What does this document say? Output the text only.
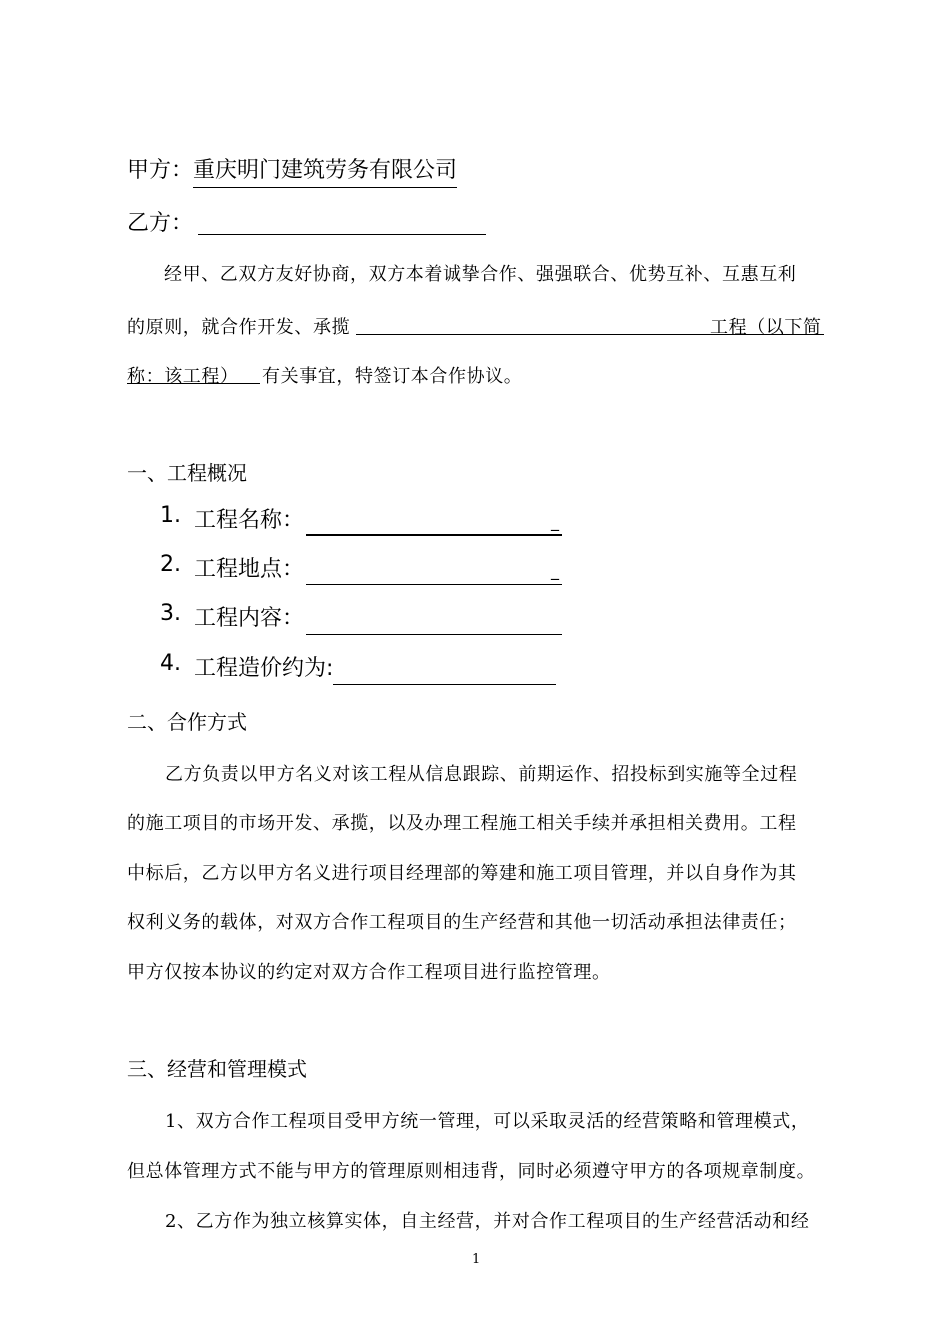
甲方：重庆明门建筑劳务有限公司
乙方：
经甲、乙双方友好协商，双方本着诚挚合作、强强联合、优势互补、互惠互利
的原则，就合作开发、承揽	工程（以下简
称：该工程） 有关事宜，特签订本合作协议。
一、工程概况
1. 工程名称：	_
2. 工程地点：	_
3. 工程内容：
4. 工程造价约为:
二、合作方式
乙方负责以甲方名义对该工程从信息跟踪、前期运作、招投标到实施等全过程
的施工项目的市场开发、承揽，以及办理工程施工相关手续并承担相关费用。工程
中标后，乙方以甲方名义进行项目经理部的筹建和施工项目管理，并以自身作为其
权利义务的载体，对双方合作工程项目的生产经营和其他一切活动承担法律责任；
甲方仅按本协议的约定对双方合作工程项目进行监控管理。
三、经营和管理模式
1、双方合作工程项目受甲方统一管理，可以采取灵活的经营策略和管理模式，
但总体管理方式不能与甲方的管理原则相违背，同时必须遵守甲方的各项规章制度。
2、乙方作为独立核算实体，自主经营，并对合作工程项目的生产经营活动和经
1
